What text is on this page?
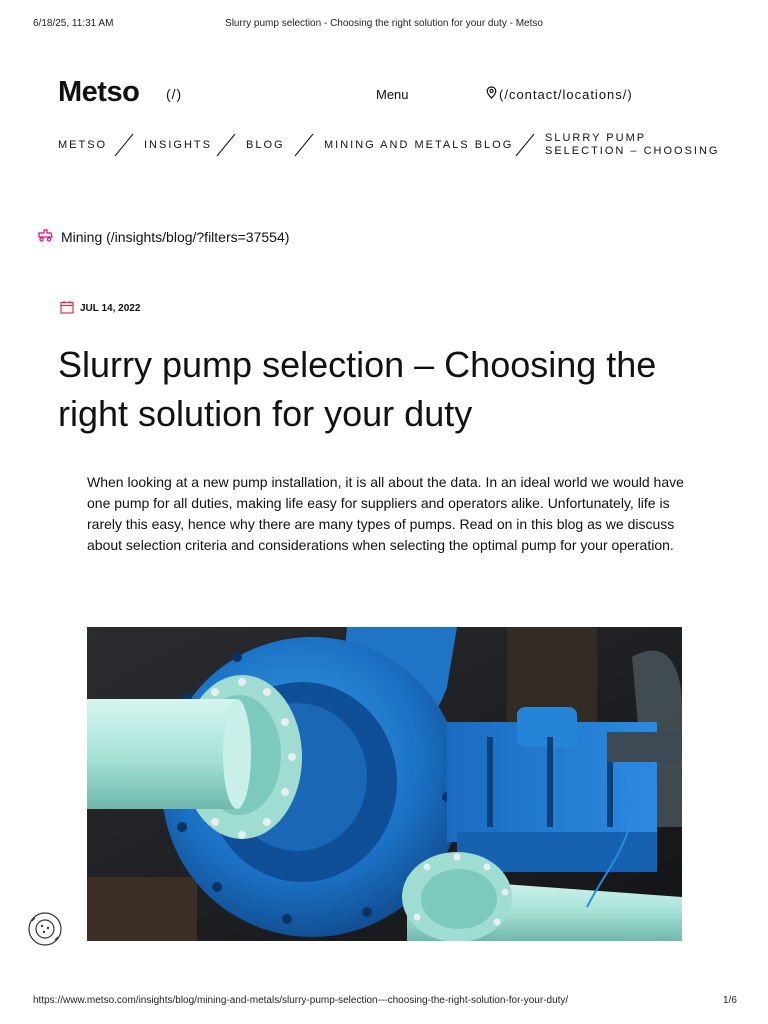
6/18/25, 11:31 AM	Slurry pump selection - Choosing the right solution for your duty - Metso
Metso (/)	Menu	(/contact/locations/)
METSO	INSIGHTS	BLOG	MINING AND METALS BLOG
SLURRY PUMP
SELECTION – CHOOSING
Mining (/insights/blog/?filters=37554)
JUL 14, 2022
Slurry pump selection – Choosing the right solution for your duty

When looking at a new pump installation, it is all about the data. In an ideal world we would have one pump for all duties, making life easy for suppliers and operators alike. Unfortunately, life is rarely this easy, hence why there are many types of pumps. Read on in this blog as we discuss about selection criteria and considerations when selecting the optimal pump for your operation.

https://www.metso.com/insights/blog/mining-and-metals/slurry-pump-selection---choosing-the-right-solution-for-your-duty/	1/6
